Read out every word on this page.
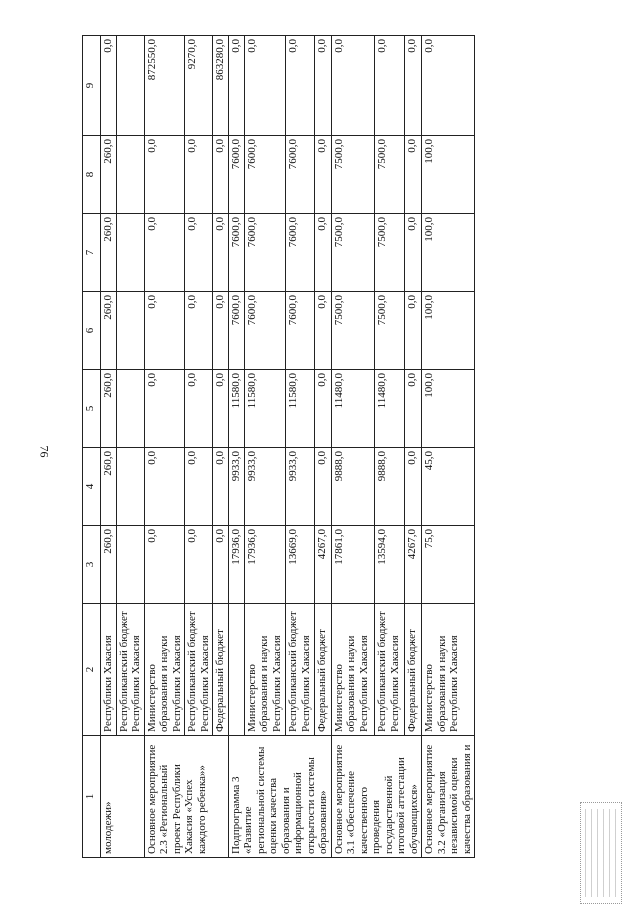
76
1	2	3	4	5	6	7	8	9
молодежи»	Республики Хакасия	260,0	260,0	260,0	260,0	260,0	260,0	0,0
	Республиканский бюджет Республики Хакасия							
Основное мероприятие 2.3 «Региональный проект Республики Хакасия «Успех каждого ребенка»»	Министерство образования и науки Республики Хакасия	0,0	0,0	0,0	0,0	0,0	0,0	872550,0
	Республиканский бюджет Республики Хакасия	0,0	0,0	0,0	0,0	0,0	0,0	9270,0
	Федеральный бюджет	0,0	0,0	0,0	0,0	0,0	0,0	863280,0
Подпрограмма 3 «Развитие региональной системы оценки качества образования и информационной открытости системы образования»		17936,0	9933,0	11580,0	7600,0	7600,0	7600,0	0,0
	Министерство образования и науки Республики Хакасия	17936,0	9933,0	11580,0	7600,0	7600,0	7600,0	0,0
	Республиканский бюджет Республики Хакасия	13669,0	9933,0	11580,0	7600,0	7600,0	7600,0	0,0
	Федеральный бюджет	4267,0	0,0	0,0	0,0	0,0	0,0	0,0
Основное мероприятие 3.1 «Обеспечение качественного проведения государственной итоговой аттестации обучающихся»	Министерство образования и науки Республики Хакасия	17861,0	9888,0	11480,0	7500,0	7500,0	7500,0	0,0
	Республиканский бюджет Республики Хакасия	13594,0	9888,0	11480,0	7500,0	7500,0	7500,0	0,0
	Федеральный бюджет	4267,0	0,0	0,0	0,0	0,0	0,0	0,0
Основное мероприятие 3.2 «Организация независимой оценки качества образования и	Министерство образования и науки Республики Хакасия	75,0	45,0	100,0	100,0	100,0	100,0	0,0
